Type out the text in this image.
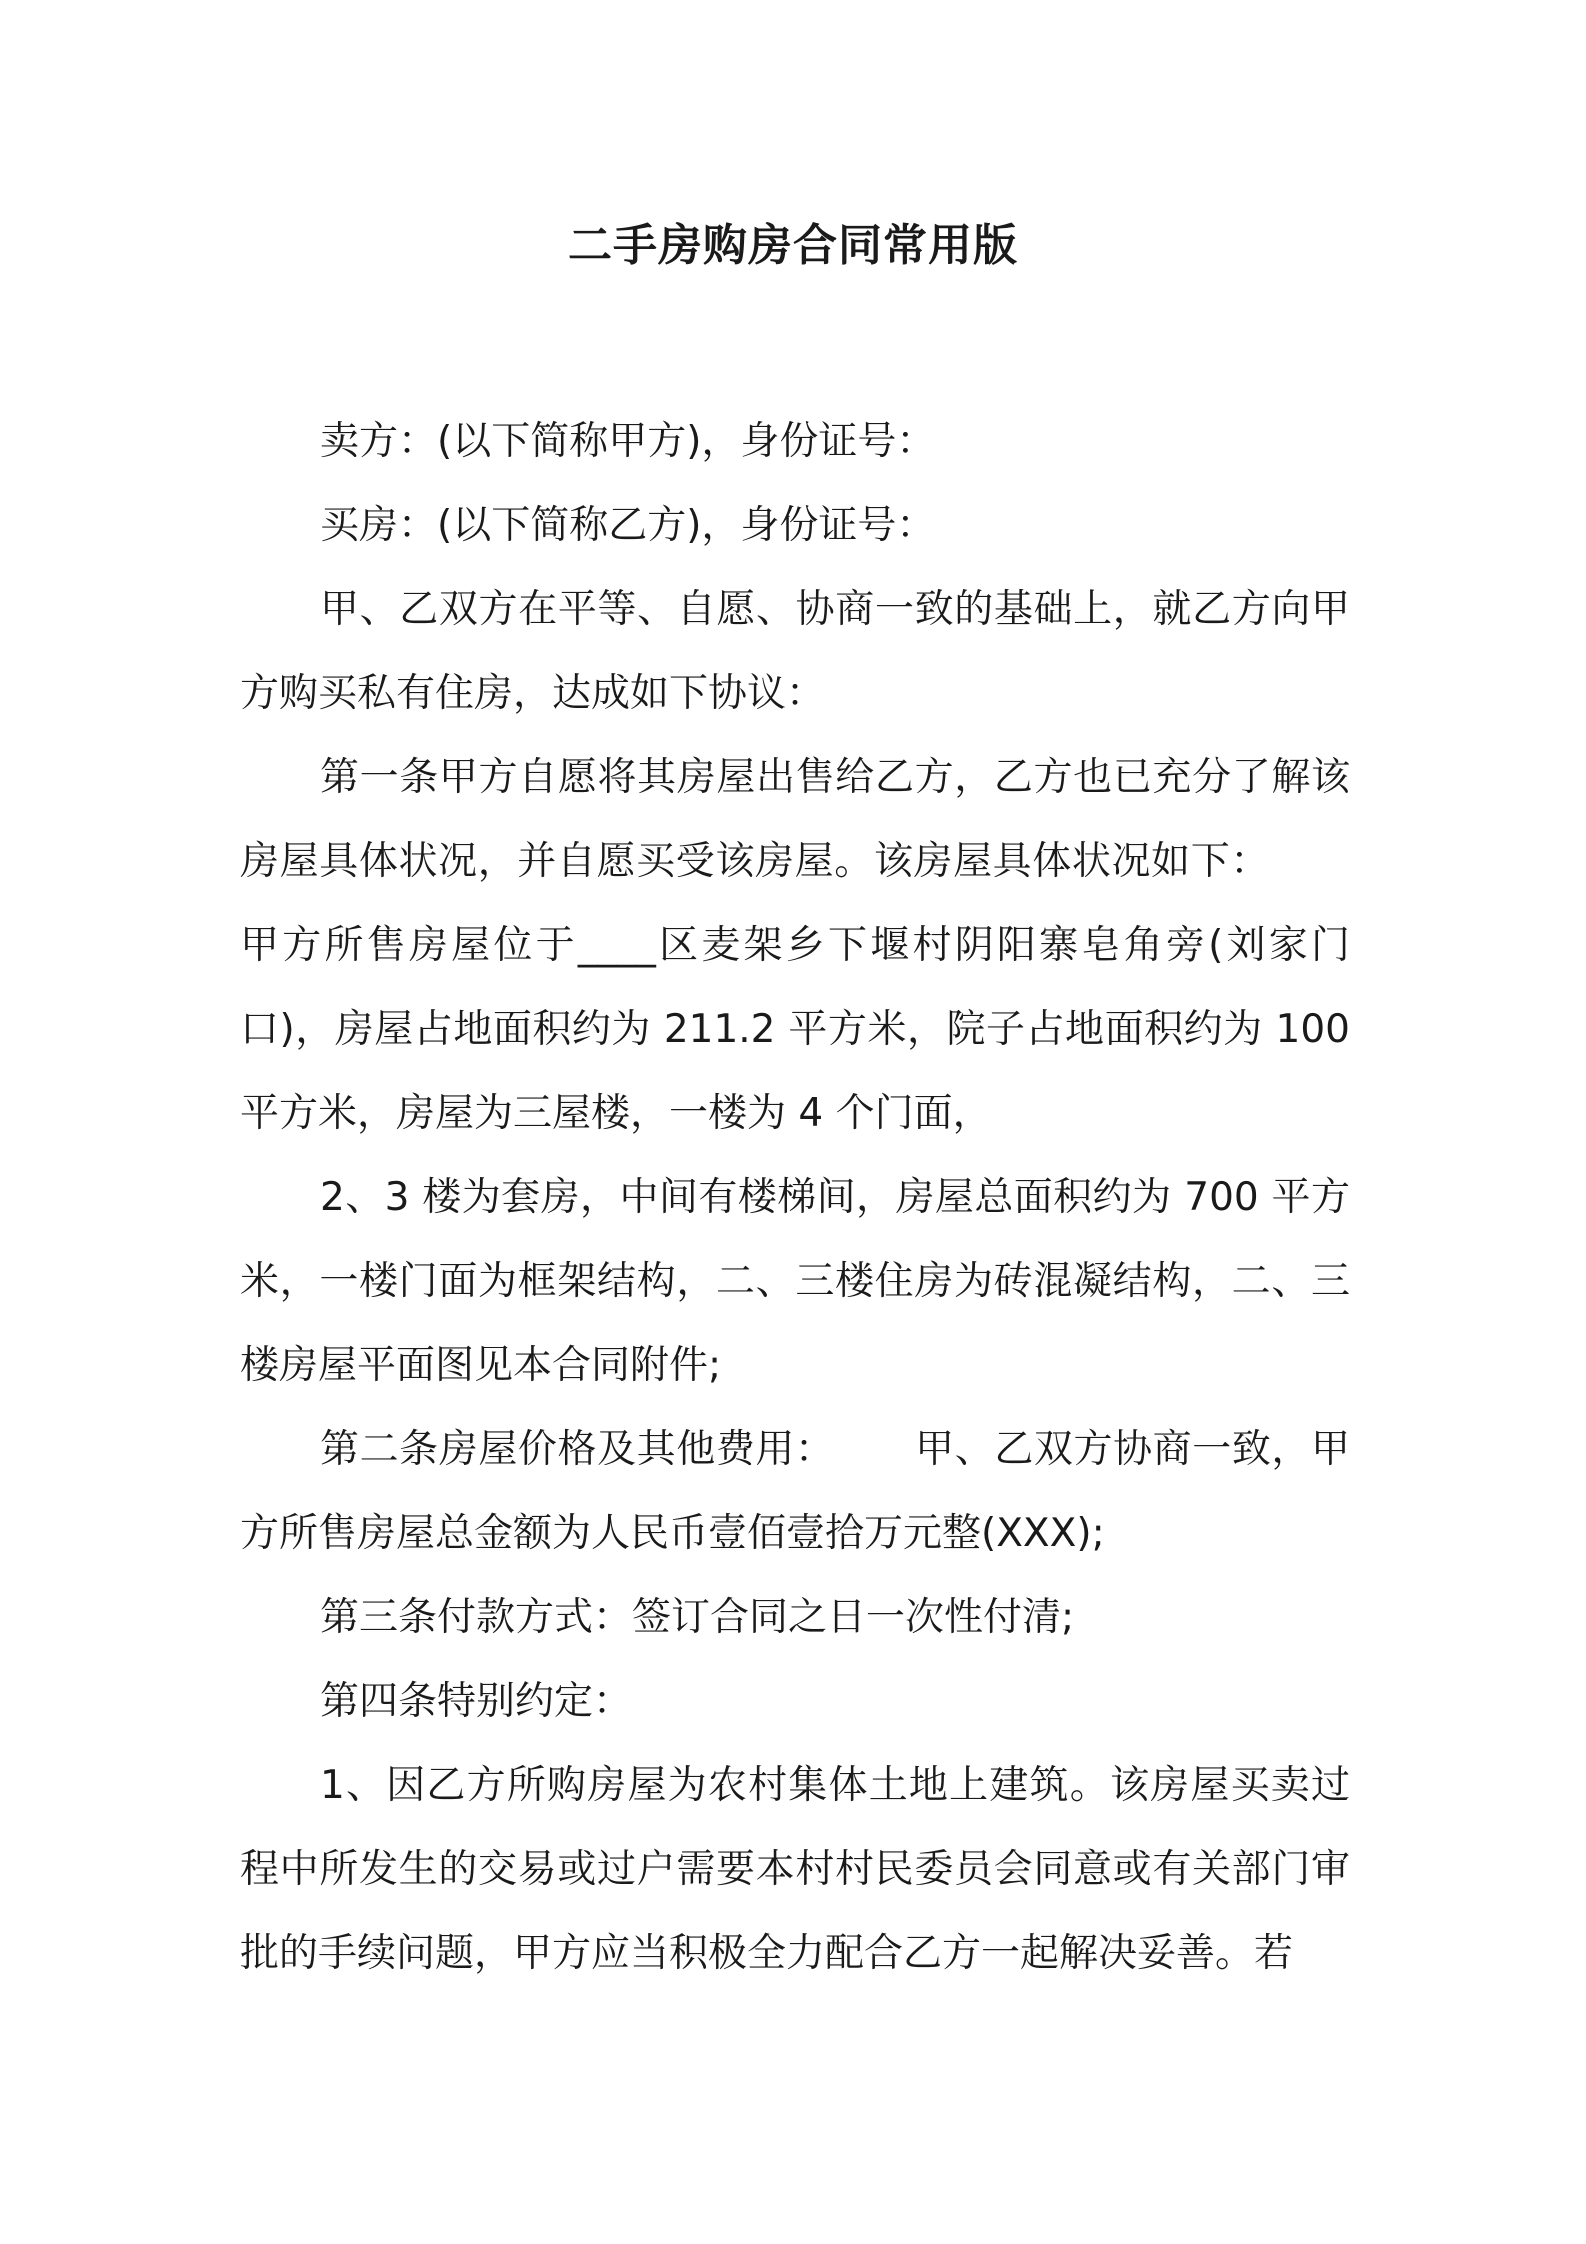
二手房购房合同常用版

卖方：(以下简称甲方)，身份证号：

买房：(以下简称乙方)，身份证号：

甲、乙双方在平等、自愿、协商一致的基础上，就乙方向甲方购买私有住房，达成如下协议：

第一条甲方自愿将其房屋出售给乙方，乙方也已充分了解该房屋具体状况，并自愿买受该房屋。该房屋具体状况如下：甲方所售房屋位于____区麦架乡下堰村阴阳寨皂角旁(刘家门口)，房屋占地面积约为 211.2 平方米，院子占地面积约为 100 平方米，房屋为三屋楼，一楼为 4 个门面，

2、3 楼为套房，中间有楼梯间，房屋总面积约为 700 平方米，一楼门面为框架结构，二、三楼住房为砖混凝结构，二、三楼房屋平面图见本合同附件;

第二条房屋价格及其他费用： 甲、乙双方协商一致，甲方所售房屋总金额为人民币壹佰壹拾万元整(XXX);

第三条付款方式：签订合同之日一次性付清;

第四条特别约定：

1、因乙方所购房屋为农村集体土地上建筑。该房屋买卖过程中所发生的交易或过户需要本村村民委员会同意或有关部门审批的手续问题，甲方应当积极全力配合乙方一起解决妥善。若
